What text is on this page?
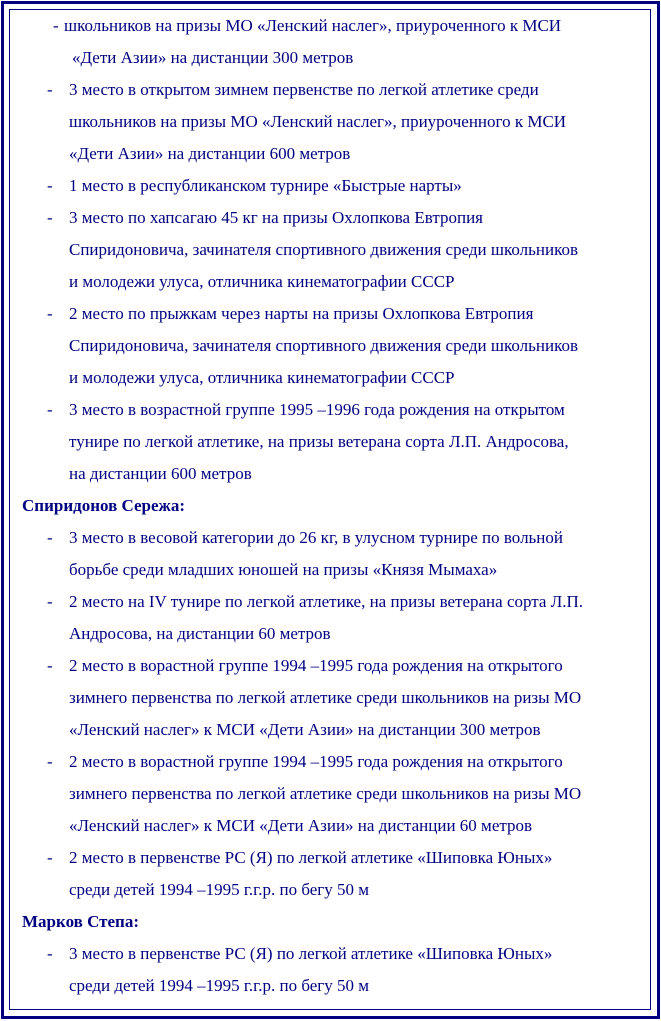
- школьников на призы МО «Ленский наслег», приуроченного к МСИ
«Дети Азии» на дистанции 300 метров
- 3 место в открытом зимнем первенстве по легкой атлетике среди
школьников на призы МО «Ленский наслег», приуроченного к МСИ
«Дети Азии» на дистанции 600 метров
- 1 место в республиканском турнире «Быстрые нарты»
- 3 место по хапсагаю 45 кг на призы Охлопкова Евтропия
Спиридоновича, зачинателя спортивного движения среди школьников
и молодежи улуса, отличника кинематографии СССР
- 2 место по прыжкам через нарты на призы Охлопкова Евтропия
Спиридоновича, зачинателя спортивного движения среди школьников
и молодежи улуса, отличника кинематографии СССР
- 3 место в возрастной группе 1995 –1996 года рождения на открытом
тунире по легкой атлетике, на призы ветерана сорта Л.П. Андросова,
на дистанции 600 метров
Спиридонов Сережа:
- 3 место в весовой категории до 26 кг, в улусном турнире по вольной
борьбе среди младших юношей на призы «Князя Мымаха»
- 2 место на IV тунире по легкой атлетике, на призы ветерана сорта Л.П.
Андросова, на дистанции 60 метров
- 2 место в ворастной группе 1994 –1995 года рождения на открытого
зимнего первенства по легкой атлетике среди школьников на ризы МО
«Ленский наслег» к МСИ «Дети Азии» на дистанции 300 метров
- 2 место в ворастной группе 1994 –1995 года рождения на открытого
зимнего первенства по легкой атлетике среди школьников на ризы МО
«Ленский наслег» к МСИ «Дети Азии» на дистанции 60 метров
- 2 место в первенстве РС (Я) по легкой атлетике «Шиповка Юных»
среди детей 1994 –1995 г.г.р. по бегу 50 м
Марков Степа:
- 3 место в первенстве РС (Я) по легкой атлетике «Шиповка Юных»
среди детей 1994 –1995 г.г.р. по бегу 50 м
